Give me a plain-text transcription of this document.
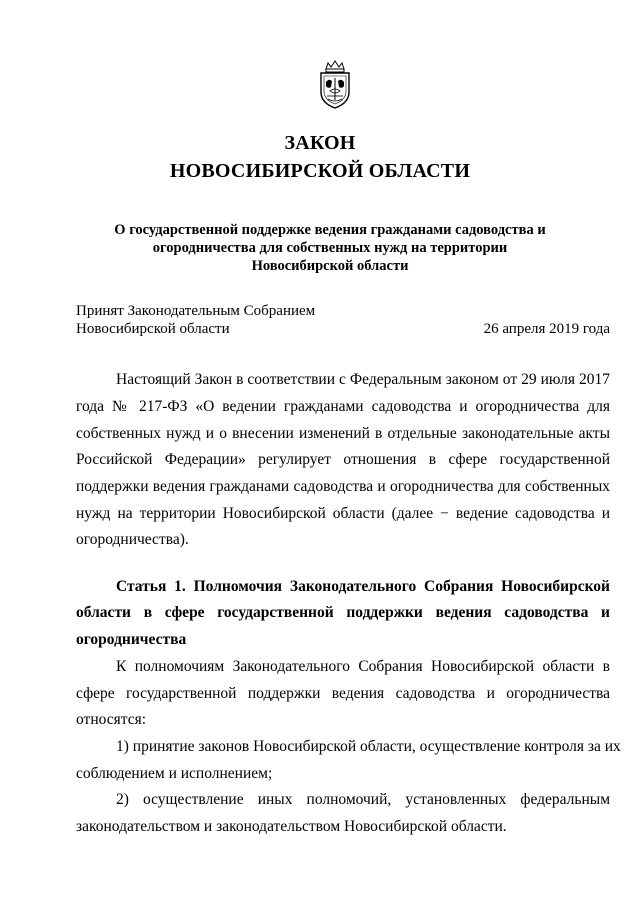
ЗАКОН
НОВОСИБИРСКОЙ ОБЛАСТИ
О государственной поддержке ведения гражданами садоводства и
огородничества для собственных нужд на территории
Новосибирской области
Принят Законодательным Собранием
Новосибирской области	26 апреля 2019 года
Настоящий Закон в соответствии с Федеральным законом от 29 июля 2017
года № 217-ФЗ «О ведении гражданами садоводства и огородничества для
собственных нужд и о внесении изменений в отдельные законодательные акты
Российской Федерации» регулирует отношения в сфере государственной
поддержки ведения гражданами садоводства и огородничества для собственных
нужд на территории Новосибирской области (далее − ведение садоводства и
огородничества).
Статья 1. Полномочия Законодательного Собрания Новосибирской
области в сфере государственной поддержки ведения садоводства и
огородничества
К полномочиям Законодательного Собрания Новосибирской области в
сфере государственной поддержки ведения садоводства и огородничества
относятся:
1) принятие законов Новосибирской области, осуществление контроля за их
соблюдением и исполнением;
2) осуществление иных полномочий, установленных федеральным
законодательством и законодательством Новосибирской области.
